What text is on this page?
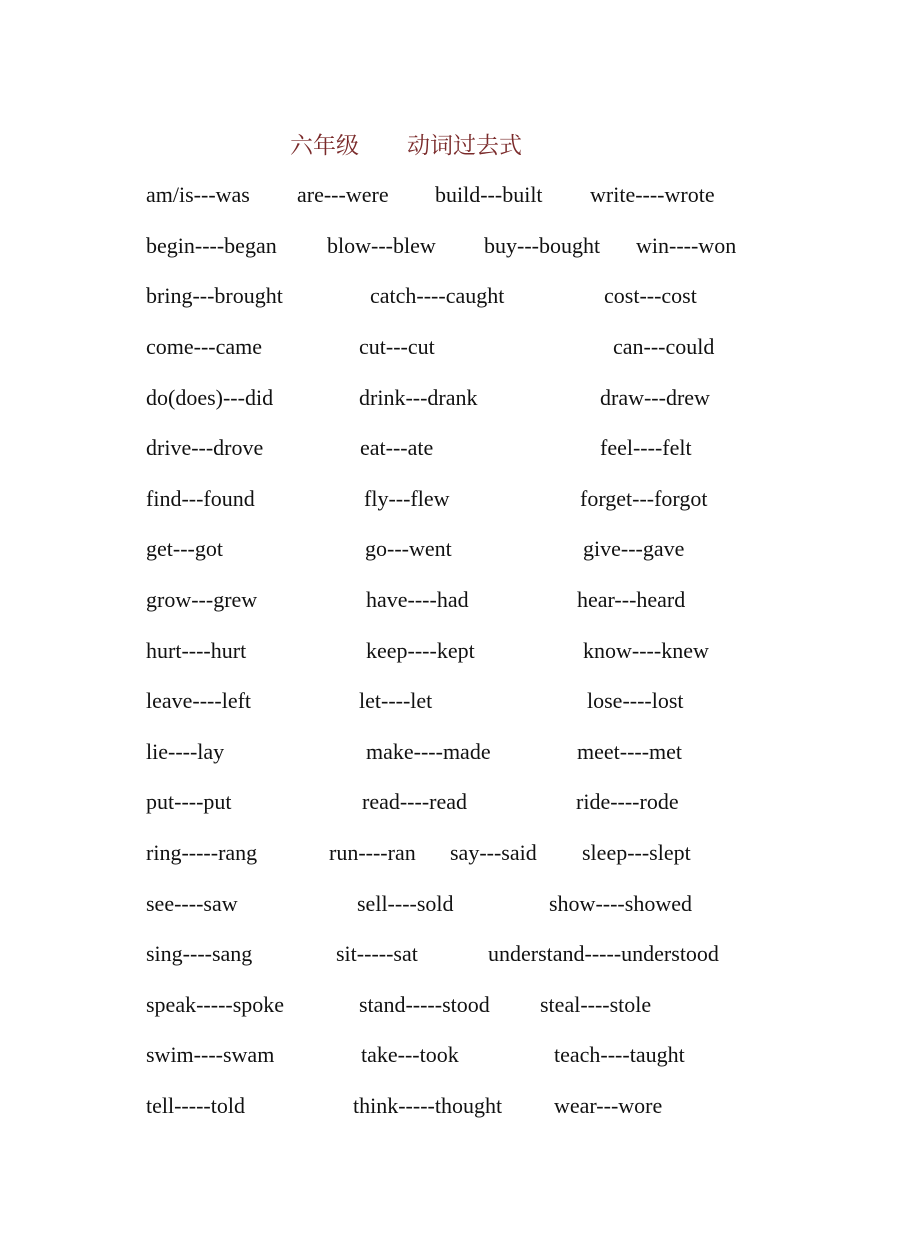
六年级 动词过去式
am/is---was are---were build---built write----wrote
begin----began blow---blew buy---bought win----won
bring---brought	catch----caught	cost---cost
come---came	cut---cut	can---could
do(does)---did	drink---drank	draw---drew
drive---drove	eat---ate	feel----felt
find---found	fly---flew	forget---forgot
get---got	go---went	give---gave
grow---grew	have----had	hear---heard
hurt----hurt	keep----kept	know----knew
leave----left	let----let	lose----lost
lie----lay	make----made	meet----met
put----put	read----read	ride----rode
ring-----rang	run----ran say---said sleep---slept
see----saw	sell----sold	show----showed
sing----sang	sit-----sat	understand-----understood
speak-----spoke	stand-----stood steal----stole
swim----swam	take---took	teach----taught
tell-----told	think-----thought wear---wore
